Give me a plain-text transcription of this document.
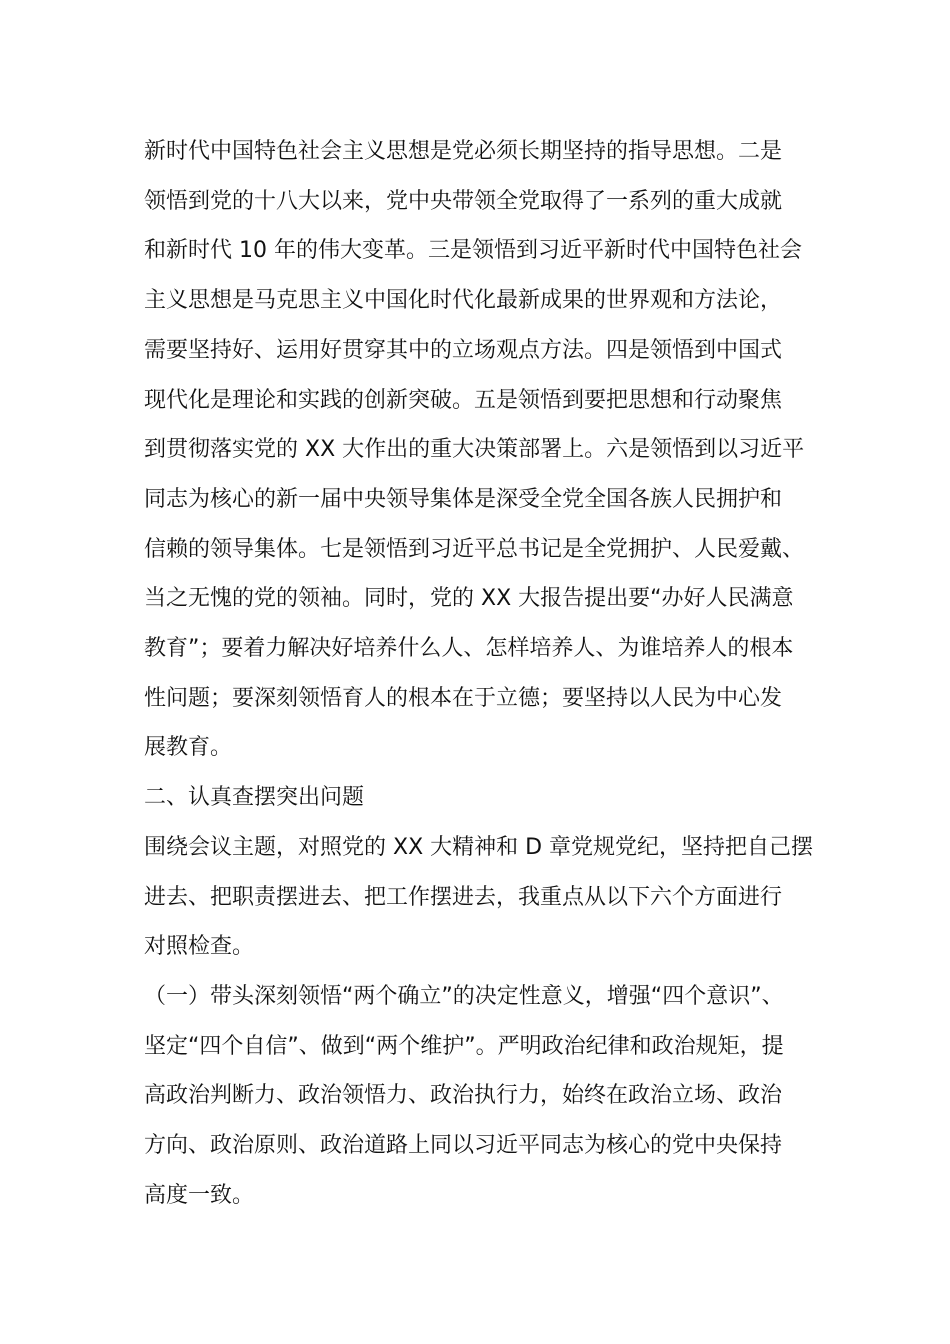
新时代中国特色社会主义思想是党必须长期坚持的指导思想。二是
领悟到党的十八大以来，党中央带领全党取得了一系列的重大成就
和新时代 10 年的伟大变革。三是领悟到习近平新时代中国特色社会
主义思想是马克思主义中国化时代化最新成果的世界观和方法论，
需要坚持好、运用好贯穿其中的立场观点方法。四是领悟到中国式
现代化是理论和实践的创新突破。五是领悟到要把思想和行动聚焦
到贯彻落实党的 XX 大作出的重大决策部署上。六是领悟到以习近平
同志为核心的新一届中央领导集体是深受全党全国各族人民拥护和
信赖的领导集体。七是领悟到习近平总书记是全党拥护、人民爱戴、
当之无愧的党的领袖。同时，党的 XX 大报告提出要“办好人民满意
教育”；要着力解决好培养什么人、怎样培养人、为谁培养人的根本
性问题；要深刻领悟育人的根本在于立德；要坚持以人民为中心发
展教育。
二、认真查摆突出问题
围绕会议主题，对照党的 XX 大精神和 D 章党规党纪，坚持把自己摆
进去、把职责摆进去、把工作摆进去，我重点从以下六个方面进行
对照检查。
（一）带头深刻领悟“两个确立”的决定性意义，增强“四个意识”、
坚定“四个自信”、做到“两个维护”。严明政治纪律和政治规矩，提
高政治判断力、政治领悟力、政治执行力，始终在政治立场、政治
方向、政治原则、政治道路上同以习近平同志为核心的党中央保持
高度一致。
